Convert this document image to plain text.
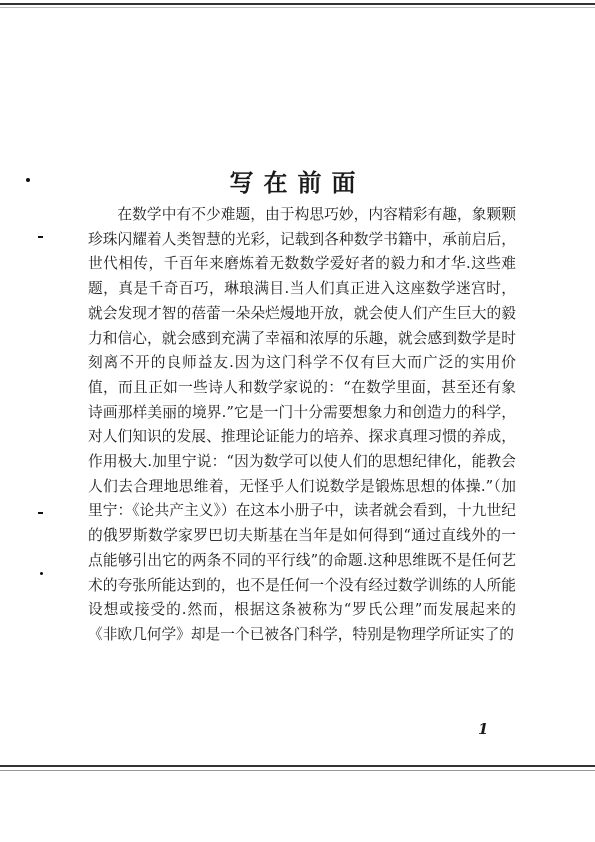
写在前面

在数学中有不少难题，由于构思巧妙，内容精彩有趣，象颗颗珍珠闪耀着人类智慧的光彩，记载到各种数学书籍中，承前启后，世代相传，千百年来磨炼着无数数学爱好者的毅力和才华.这些难题，真是千奇百巧，琳琅满目.当人们真正进入这座数学迷宫时，就会发现才智的蓓蕾一朵朵烂熳地开放，就会使人们产生巨大的毅力和信心，就会感到充满了幸福和浓厚的乐趣，就会感到数学是时刻离不开的良师益友.因为这门科学不仅有巨大而广泛的实用价值，而且正如一些诗人和数学家说的：“在数学里面，甚至还有象诗画那样美丽的境界.”它是一门十分需要想象力和创造力的科学，对人们知识的发展、推理论证能力的培养、探求真理习惯的养成，作用极大.加里宁说：“因为数学可以使人们的思想纪律化，能教会人们去合理地思维着，无怪乎人们说数学是锻炼思想的体操.”（加里宁：《论共产主义》）在这本小册子中，读者就会看到，十九世纪的俄罗斯数学家罗巴切夫斯基在当年是如何得到“通过直线外的一点能够引出它的两条不同的平行线”的命题.这种思维既不是任何艺术的夸张所能达到的，也不是任何一个没有经过数学训练的人所能设想或接受的.然而，根据这条被称为“罗氏公理”而发展起来的《非欧几何学》却是一个已被各门科学，特别是物理学所证实了的

1
